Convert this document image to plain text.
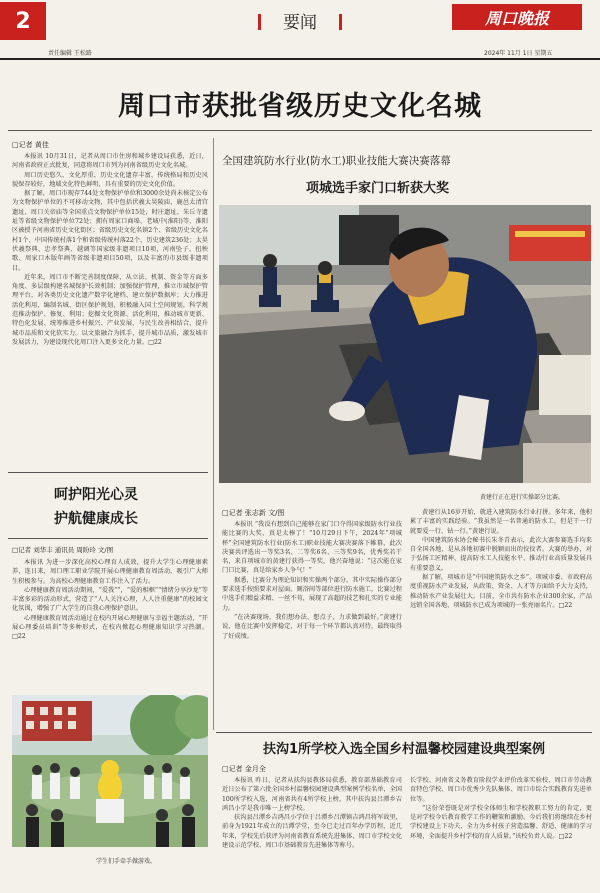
2	要闻	周口晚报
责任编辑 王松路	2024年 11月 1日 星期五
周口市获批省级历史文化名城
□记者 黄佳

本报讯 10月31日，记者从周口市住房和城乡建设局获悉，近日，河南省政府正式批复，同意将周口市列为河南省级历史文化名城。

周口历史悠久、文化厚重，历史文化遗存丰富，传统格局和历史风貌保存较好，地域文化特色鲜明，具有重要的历史文化价值。

据了解，周口市现存744处文物保护单位和3000余处尚未核定公布为文物保护单位的不可移动文物，其中包括伏羲太昊陵庙、鹿邑太清宫遗址、周口关帝庙等全国重点文物保护单位15处，时庄遗址、朱丘寺遗址等省级文物保护单位72处；拥有周家口商埠、老城中(淮阳)等，淮阳区被授予河南省历史文化街区；省级历史文化名镇2个、省级历史文化名村1个、中国传统村落1个和省级传统村落22个，历史建筑236处；太昊伏羲祭典、忠孝祭典、越调等国家级非遗项目10项，河南坠子、扭秧歌、周家口木版年画等省级非遗项目50项，以及丰富的市县级非遗项目。

近年来，周口市不断完善制度保障，从立法、机制、资金等方面多角度、多层级构建名城保护长效机制；加强保护管理，推立市域保护管理平台，对各类历史文化遗产数字化建档、建立保护数据库；大力推进活化利用，编制名城、街区保护规划，积极融入国土空间规划，科学规范推动保护、修复、利用；挖掘文化资源、活化利用，推动城市更新、特色化发展、统筹推进乡村振兴、产业发展、与民生改善相结合，提升城市品质和文化软实力。以文旅融合为抓手，提升城市品质，激发城市发展活力，为建设现代化周口注入更多文化力量。□22

呵护阳光心灵
护航健康成长
□记者 刘华丰 通讯员 周盼玲 文/图

本报讯 为进一步深化高校心理育人成效，提升大学生心理健康素养，连日来，周口理工职业学院开展心理健康教育周活动，吸引广大师生积极参与。为高校心理健康教育工作注入了活力。

心理健康教育周活动期间，“爱我“”，“爱的相框”“情绪分享沙龙”等丰富多彩的活动形式，营造了“人人关注心理，人人注重健康”的校园文化氛围，增强了广大学生的自我心理保护意识。

心理健康教育周活动通过在校内开展心理健康与幸福主题活动，“开展心理委员培训”等多种形式，在校内掀起心理健康知识学习热潮。□22

学生们手牵手做游戏。
全国建筑防水行业(防水工)职业技能大赛决赛落幕
项城选手家门口斩获大奖
黄建行正在进行实操部分比赛。
□记者 张志新 文/图

本报讯 “我没有想到自己能够在家门口夺得国家级防水行业技能比赛的大奖，真是太棒了！”10月29日下午，2024年“项城杯”全国建筑防水行业(防水工)职业技能大赛决赛落下帷幕，此次决赛共评选出一等奖3名、二等奖6名、三等奖9名，优秀奖若干名，来自项城市的黄建行获得一等奖，他兴奋地说：“这次能在家门口比赛，真是给家乡人争气！”

据悉，比赛分为理论知识和实操两个部分，其中实际操作部分要求选手按照要求对屋面、厕浴间等部位进行防水施工，比赛过程中选手们精益求精、一丝不苟，展现了高超的技艺和扎实的专业能力。

“在决赛现场，我们想办法、想点子，力求做到最好。”黄建行说，他在比赛中发挥稳定，对于每一个环节都认真对待，最终取得了好成绩。

黄建行从16岁开始，就进入建筑防水行业打拼。多年来，他积累了丰富的实践经验。“我虽然是一名普通的防水工，但是干一行就要爱一行、钻一行。”黄建行说。

中国建筑防水协会秘书长朱冬青表示，此次大赛参赛选手均来自全国各地，是从各地初赛中脱颖而出的佼佼者。大赛的举办，对于弘扬工匠精神、提高防水工人技能水平、推动行业高质量发展具有重要意义。

据了解，项城市是“中国建筑防水之乡”。项城市委、市政府高度重视防水产业发展，从政策、资金、人才等方面给予大力支持，推动防水产业发展壮大。目前，全市共有防水企业300余家，产品远销全国各地，项城防水已成为项城的一张亮丽名片。□22

扶沟1所学校入选全国乡村温馨校园建设典型案例
□记者 金月全

本报讯 昨日，记者从扶沟县教体局获悉，教育部基础教育司近日公布了第六批全国乡村温馨校园建设典型案例学校名单，全国100所学校入选，河南省共有4所学校上榜，其中扶沟县吕潭乡吉鸿昌小学是我市唯一上榜学校。

扶沟县吕潭乡吉鸿昌小学位于吕潭乡吕潭镇吉鸿昌将军故里，前身为1921年成立的吕潭学堂，至今已走过百年办学历程，近几年来，学校先后获评为河南省教育系统先进集体、周口市学校文化建设示范学校、周口市基础教育先进集体等称号。

长学校、河南省义务教育阶段学业评价改革实验校、周口市劳动教育特色学校、周口市优秀少先队集体、周口市综合实践教育先进单位等。

“这份荣誉既是对学校全体师生和学校教职工努力的肯定，更是对学校今后教育教学工作的鞭策和激励。今后我们将继续在乡村学校建设上下功夫，全力为乡村孩子营造温馨、舒适、健康的学习环境，全面提升乡村学校的育人质量。”该校负责人说。□22
